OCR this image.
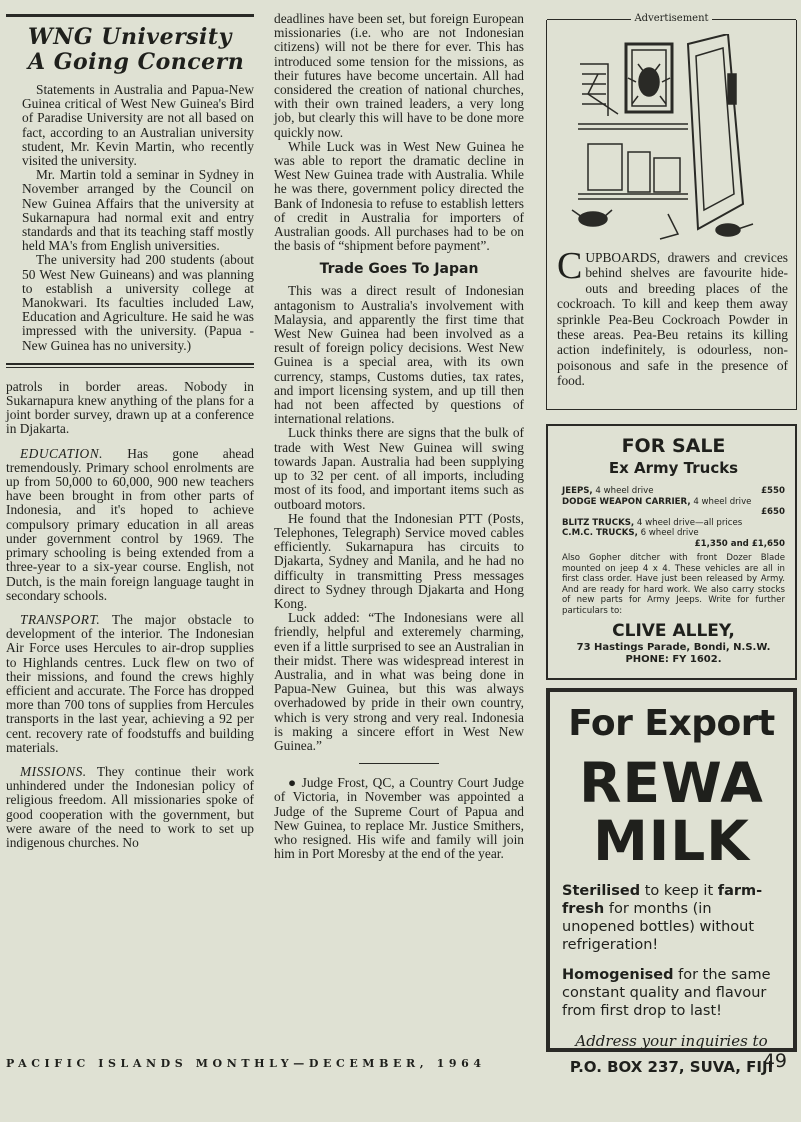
WNG University
A Going Concern

Statements in Australia and Papua-New Guinea critical of West New Guinea's Bird of Paradise University are not all based on fact, according to an Australian university student, Mr. Kevin Martin, who recently visited the university.

Mr. Martin told a seminar in Sydney in November arranged by the Council on New Guinea Affairs that the university at Sukarnapura had normal exit and entry standards and that its teaching staff mostly held MA's from English universities.

The university had 200 students (about 50 West New Guineans) and was planning to establish a university college at Manokwari. Its faculties included Law, Education and Agriculture. He said he was impressed with the university. (Papua - New Guinea has no university.)

patrols in border areas. Nobody in Sukarnapura knew anything of the plans for a joint border survey, drawn up at a conference in Djakarta.

EDUCATION. Has gone ahead tremendously. Primary school enrolments are up from 50,000 to 60,000, 900 new teachers have been brought in from other parts of Indonesia, and it's hoped to achieve compulsory primary education in all areas under government control by 1969. The primary schooling is being extended from a three-year to a six-year course. English, not Dutch, is the main foreign language taught in secondary schools.

TRANSPORT. The major obstacle to development of the interior. The Indonesian Air Force uses Hercules to air-drop supplies to Highlands centres. Luck flew on two of their missions, and found the crews highly efficient and accurate. The Force has dropped more than 700 tons of supplies from Hercules transports in the last year, achieving a 92 per cent. recovery rate of foodstuffs and building materials.

MISSIONS. They continue their work unhindered under the Indonesian policy of religious freedom. All missionaries spoke of good cooperation with the government, but were aware of the need to work to set up indigenous churches. No

deadlines have been set, but foreign European missionaries (i.e. who are not Indonesian citizens) will not be there for ever. This has introduced some tension for the missions, as their futures have become uncertain. All had considered the creation of national churches, with their own trained leaders, a very long job, but clearly this will have to be done more quickly now.

While Luck was in West New Guinea he was able to report the dramatic decline in West New Guinea trade with Australia. While he was there, government policy directed the Bank of Indonesia to refuse to establish letters of credit in Australia for importers of Australian goods. All purchases had to be on the basis of “shipment before payment”.

Trade Goes To Japan

This was a direct result of Indonesian antagonism to Australia's involvement with Malaysia, and apparently the first time that West New Guinea had been involved as a result of foreign policy decisions. West New Guinea is a special area, with its own currency, stamps, Customs duties, tax rates, and import licensing system, and up till then had not been affected by questions of international relations.

Luck thinks there are signs that the bulk of trade with West New Guinea will swing towards Japan. Australia had been supplying up to 32 per cent. of all imports, including most of its food, and important items such as outboard motors.

He found that the Indonesian PTT (Posts, Telephones, Telegraph) Service moved cables efficiently. Sukarnapura has circuits to Djakarta, Sydney and Manila, and he had no difficulty in transmitting Press messages direct to Sydney through Djakarta and Hong Kong.

Luck added: “The Indonesians were all friendly, helpful and exteremely charming, even if a little surprised to see an Australian in their midst. There was widespread interest in Australia, and in what was being done in Papua-New Guinea, but this was always overhadowed by pride in their own country, which is very strong and very real. Indonesia is making a sincere effort in West New Guinea.”

● Judge Frost, QC, a Country Court Judge of Victoria, in November was appointed a Judge of the Supreme Court of Papua and New Guinea, to replace Mr. Justice Smithers, who resigned. His wife and family will join him in Port Moresby at the end of the year.

Advertisement
CUPBOARDS, drawers and crevices behind shelves are favourite hide-outs and breeding places of the cockroach. To kill and keep them away sprinkle Pea-Beu Cockroach Powder in these areas. Pea-Beu retains its killing action indefinitely, is odourless, non-poisonous and safe in the presence of food.
FOR SALE
Ex Army Trucks
JEEPS, 4 wheel drive	£550
DODGE WEAPON CARRIER, 4 wheel drive
£650
BLITZ TRUCKS, 4 wheel drive—all prices
C.M.C. TRUCKS, 6 wheel drive
£1,350 and £1,650
Also Gopher ditcher with front Dozer Blade mounted on jeep 4 x 4. These vehicles are all in first class order. Have just been released by Army. And are ready for hard work. We also carry stocks of new parts for Army Jeeps. Write for further particulars to:
CLIVE ALLEY,
73 Hastings Parade, Bondi, N.S.W.
PHONE: FY 1602.
For Export
REWA
MILK
Sterilised to keep it farm-fresh for months (in unopened bottles) without refrigeration!
Homogenised for the same constant quality and flavour from first drop to last!
Address your inquiries to
P.O. BOX 237, SUVA, FIJI
PACIFIC ISLANDS MONTHLY—DECEMBER, 1964	49
